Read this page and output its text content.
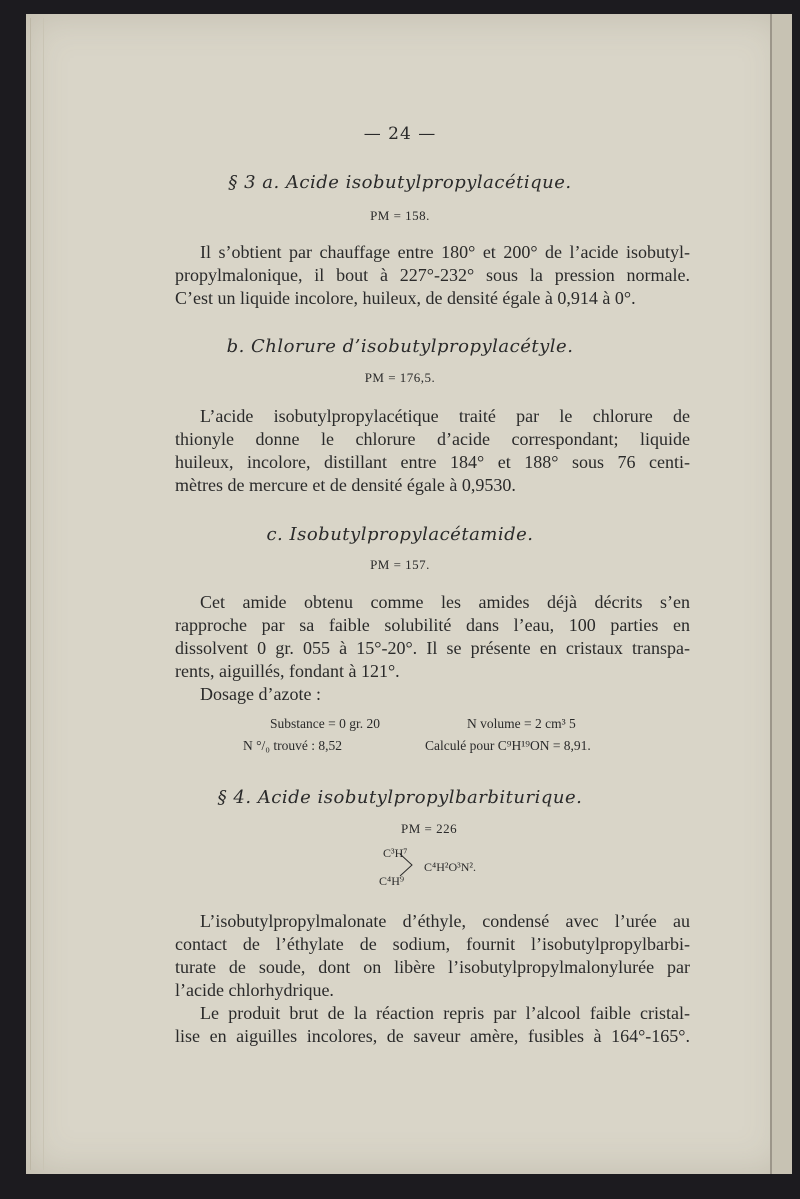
— 24 —
§ 3 a. Acide isobutylpropylacétique.
PM = 158.
Il s’obtient par chauffage entre 180° et 200° de l’acide isobutyl-
propylmalonique, il bout à 227°-232° sous la pression normale.
C’est un liquide incolore, huileux, de densité égale à 0,914 à 0°.
b. Chlorure d’isobutylpropylacétyle.
PM = 176,5.
L’acide isobutylpropylacétique traité par le chlorure de
thionyle donne le chlorure d’acide correspondant; liquide
huileux, incolore, distillant entre 184° et 188° sous 76 centi-
mètres de mercure et de densité égale à 0,9530.
c. Isobutylpropylacétamide.
PM = 157.
Cet amide obtenu comme les amides déjà décrits s’en
rapproche par sa faible solubilité dans l’eau, 100 parties en
dissolvent 0 gr. 055 à 15°-20°. Il se présente en cristaux transpa-
rents, aiguillés, fondant à 121°.
Dosage d’azote :
Substance = 0 gr. 20	N volume = 2 cm³ 5
N °/₀ trouvé : 8,52	Calculé pour C⁹H¹⁹ON = 8,91.
§ 4. Acide isobutylpropylbarbiturique.
PM = 226
C³H⁷
C⁴H⁹
C⁴H²O³N².
L’isobutylpropylmalonate d’éthyle, condensé avec l’urée au
contact de l’éthylate de sodium, fournit l’isobutylpropylbarbi-
turate de soude, dont on libère l’isobutylpropylmalonylurée par
l’acide chlorhydrique.
Le produit brut de la réaction repris par l’alcool faible cristal-
lise en aiguilles incolores, de saveur amère, fusibles à 164°-165°.
